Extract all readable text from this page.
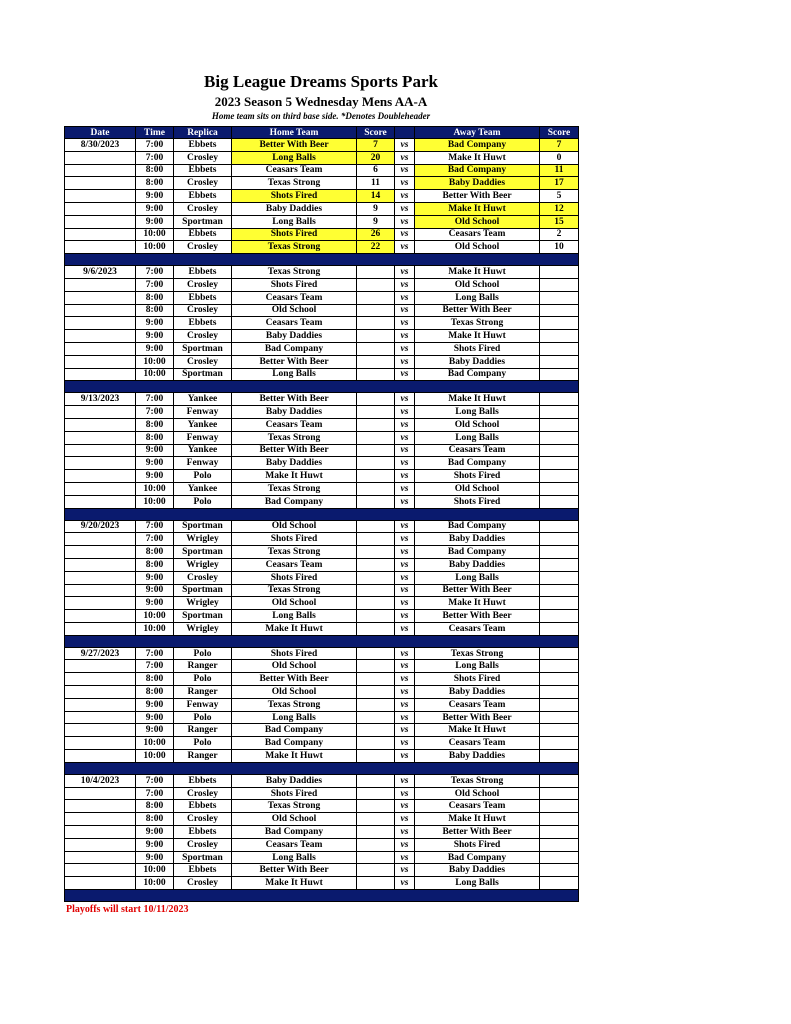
Big League Dreams Sports Park
2023 Season 5 Wednesday Mens AA-A
Home team sits on third base side. *Denotes Doubleheader
Date	Time	Replica	Home Team	Score		Away Team	Score
8/30/2023	7:00	Ebbets	Better With Beer	7	vs	Bad Company	7
	7:00	Crosley	Long Balls	20	vs	Make It Huwt	0
	8:00	Ebbets	Ceasars Team	6	vs	Bad Company	11
	8:00	Crosley	Texas Strong	11	vs	Baby Daddies	17
	9:00	Ebbets	Shots Fired	14	vs	Better With Beer	5
	9:00	Crosley	Baby Daddies	9	vs	Make It Huwt	12
	9:00	Sportman	Long Balls	9	vs	Old School	15
	10:00	Ebbets	Shots Fired	26	vs	Ceasars Team	2
	10:00	Crosley	Texas Strong	22	vs	Old School	10

9/6/2023	7:00	Ebbets	Texas Strong		vs	Make It Huwt	
	7:00	Crosley	Shots Fired		vs	Old School	
	8:00	Ebbets	Ceasars Team		vs	Long Balls	
	8:00	Crosley	Old School		vs	Better With Beer	
	9:00	Ebbets	Ceasars Team		vs	Texas Strong	
	9:00	Crosley	Baby Daddies		vs	Make It Huwt	
	9:00	Sportman	Bad Company		vs	Shots Fired	
	10:00	Crosley	Better With Beer		vs	Baby Daddies	
	10:00	Sportman	Long Balls		vs	Bad Company	

9/13/2023	7:00	Yankee	Better With Beer		vs	Make It Huwt	
	7:00	Fenway	Baby Daddies		vs	Long Balls	
	8:00	Yankee	Ceasars Team		vs	Old School	
	8:00	Fenway	Texas Strong		vs	Long Balls	
	9:00	Yankee	Better With Beer		vs	Ceasars Team	
	9:00	Fenway	Baby Daddies		vs	Bad Company	
	9:00	Polo	Make It Huwt		vs	Shots Fired	
	10:00	Yankee	Texas Strong		vs	Old School	
	10:00	Polo	Bad Company		vs	Shots Fired	

9/20/2023	7:00	Sportman	Old School		vs	Bad Company	
	7:00	Wrigley	Shots Fired		vs	Baby Daddies	
	8:00	Sportman	Texas Strong		vs	Bad Company	
	8:00	Wrigley	Ceasars Team		vs	Baby Daddies	
	9:00	Crosley	Shots Fired		vs	Long Balls	
	9:00	Sportman	Texas Strong		vs	Better With Beer	
	9:00	Wrigley	Old School		vs	Make It Huwt	
	10:00	Sportman	Long Balls		vs	Better With Beer	
	10:00	Wrigley	Make It Huwt		vs	Ceasars Team	

9/27/2023	7:00	Polo	Shots Fired		vs	Texas Strong	
	7:00	Ranger	Old School		vs	Long Balls	
	8:00	Polo	Better With Beer		vs	Shots Fired	
	8:00	Ranger	Old School		vs	Baby Daddies	
	9:00	Fenway	Texas Strong		vs	Ceasars Team	
	9:00	Polo	Long Balls		vs	Better With Beer	
	9:00	Ranger	Bad Company		vs	Make It Huwt	
	10:00	Polo	Bad Company		vs	Ceasars Team	
	10:00	Ranger	Make It Huwt		vs	Baby Daddies	

10/4/2023	7:00	Ebbets	Baby Daddies		vs	Texas Strong	
	7:00	Crosley	Shots Fired		vs	Old School	
	8:00	Ebbets	Texas Strong		vs	Ceasars Team	
	8:00	Crosley	Old School		vs	Make It Huwt	
	9:00	Ebbets	Bad Company		vs	Better With Beer	
	9:00	Crosley	Ceasars Team		vs	Shots Fired	
	9:00	Sportman	Long Balls		vs	Bad Company	
	10:00	Ebbets	Better With Beer		vs	Baby Daddies	
	10:00	Crosley	Make It Huwt		vs	Long Balls	

Playoffs will start 10/11/2023
